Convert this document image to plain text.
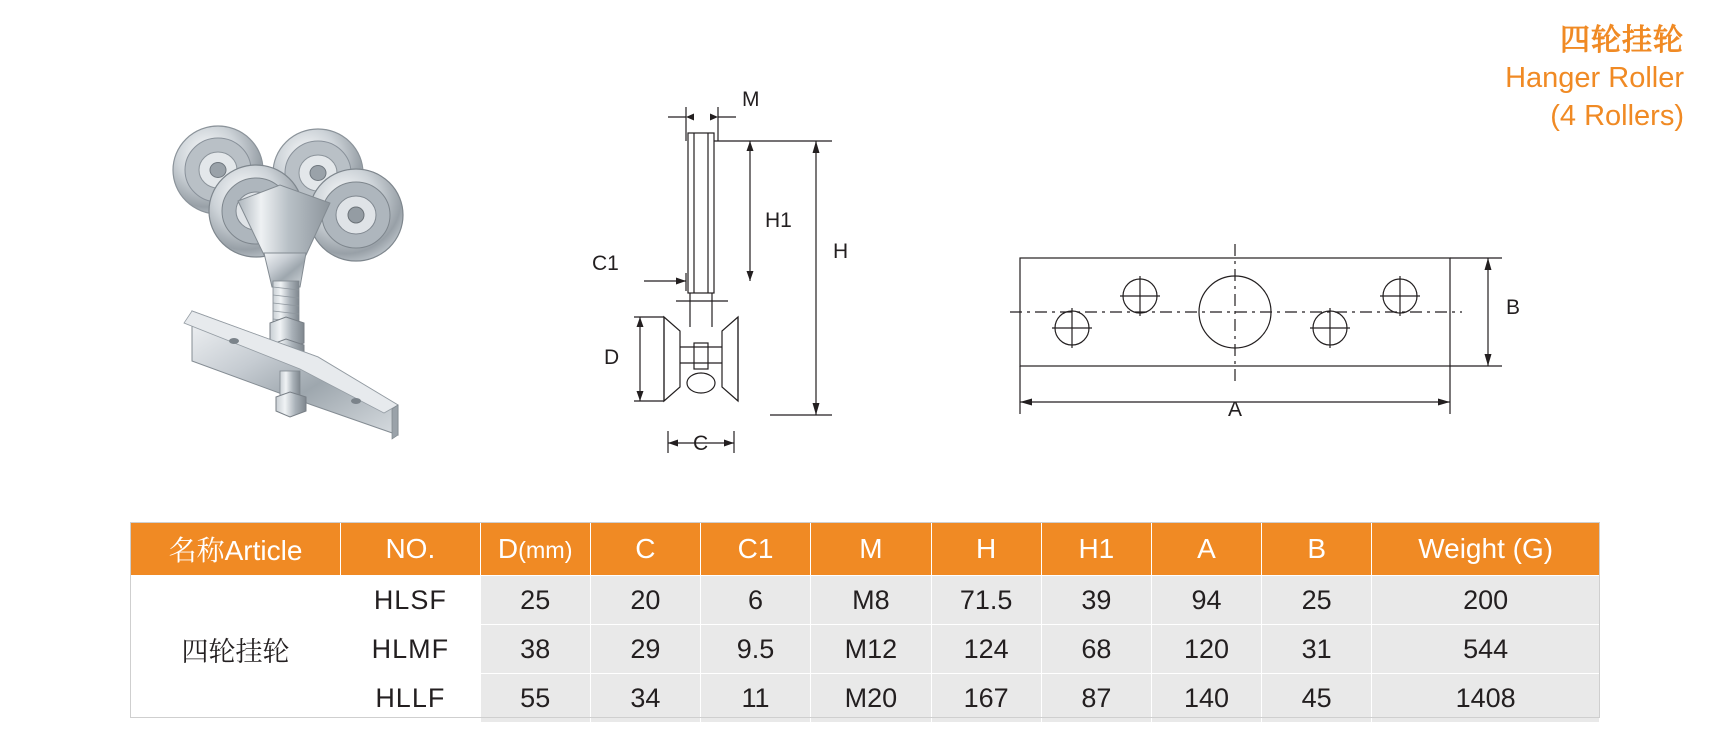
四轮挂轮
Hanger Roller
(4 Rollers)
M
H1
H
C1
D
C
B
A
名称Article	NO.	D(mm)	C	C1	M	H	H1	A	B	Weight (G)
四轮挂轮	HLSF	25	20	6	M8	71.5	39	94	25	200
	HLMF	38	29	9.5	M12	124	68	120	31	544
	HLLF	55	34	11	M20	167	87	140	45	1408
